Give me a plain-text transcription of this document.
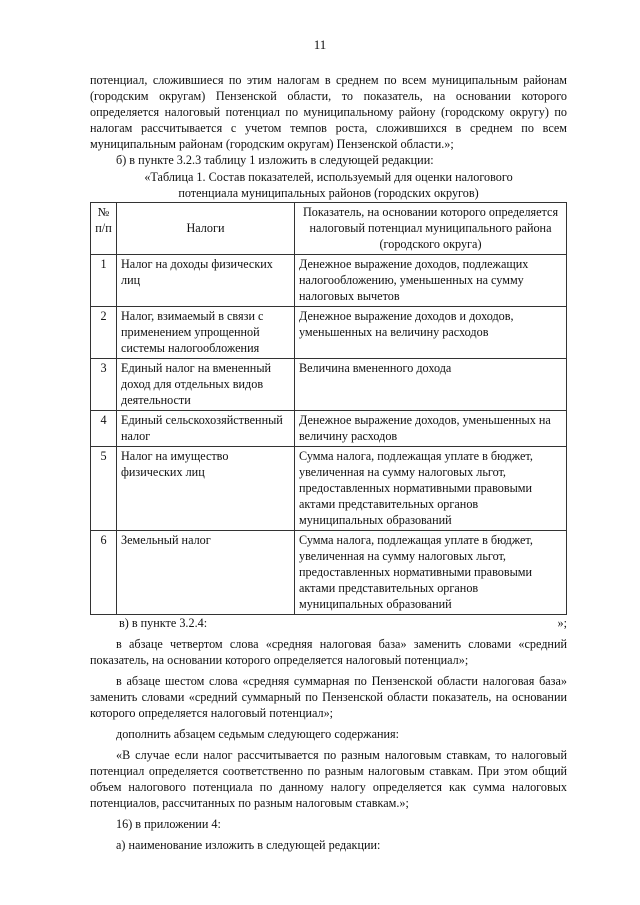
11

потенциал, сложившиеся по этим налогам в среднем по всем муниципальным районам (городским округам) Пензенской области, то показатель, на основании которого определяется налоговый потенциал по муниципальному району (городскому округу) по налогам рассчитывается с учетом темпов роста, сложившихся в среднем по всем муниципальным районам (городским округам) Пензенской области.»;

б) в пункте 3.2.3 таблицу 1 изложить в следующей редакции:

«Таблица 1. Состав показателей, используемый для оценки налогового
потенциала муниципальных районов (городских округов)
№ п/п	Налоги	Показатель, на основании которого определяется налоговый потенциал муниципального района (городского округа)
1	Налог на доходы физических лиц	Денежное выражение доходов, подлежащих налогообложению, уменьшенных на сумму налоговых вычетов
2	Налог, взимаемый в связи с применением упрощенной системы налогообложения	Денежное выражение доходов и доходов, уменьшенных на величину расходов
3	Единый налог на вмененный доход для отдельных видов деятельности	Величина вмененного дохода
4	Единый сельскохозяйственный налог	Денежное выражение доходов, уменьшенных на величину расходов
5	Налог на имущество физических лиц	Сумма налога, подлежащая уплате в бюджет, увеличенная на сумму налоговых льгот, предоставленных нормативными правовыми актами представительных органов муниципальных образований
6	Земельный налог	Сумма налога, подлежащая уплате в бюджет, увеличенная на сумму налоговых льгот, предоставленных нормативными правовыми актами представительных органов муниципальных образований
в) в пункте 3.2.4:	»;

в абзаце четвертом слова «средняя налоговая база» заменить словами «средний показатель, на основании которого определяется налоговый потенциал»;

в абзаце шестом слова «средняя суммарная по Пензенской области налоговая база» заменить словами «средний суммарный по Пензенской области показатель, на основании которого определяется налоговый потенциал»;

дополнить абзацем седьмым следующего содержания:

«В случае если налог рассчитывается по разным налоговым ставкам, то налоговый потенциал определяется соответственно по разным налоговым ставкам. При этом общий объем налогового потенциала по данному налогу определяется как сумма налоговых потенциалов, рассчитанных по разным налоговым ставкам.»;

16) в приложении 4:

а) наименование изложить в следующей редакции:
